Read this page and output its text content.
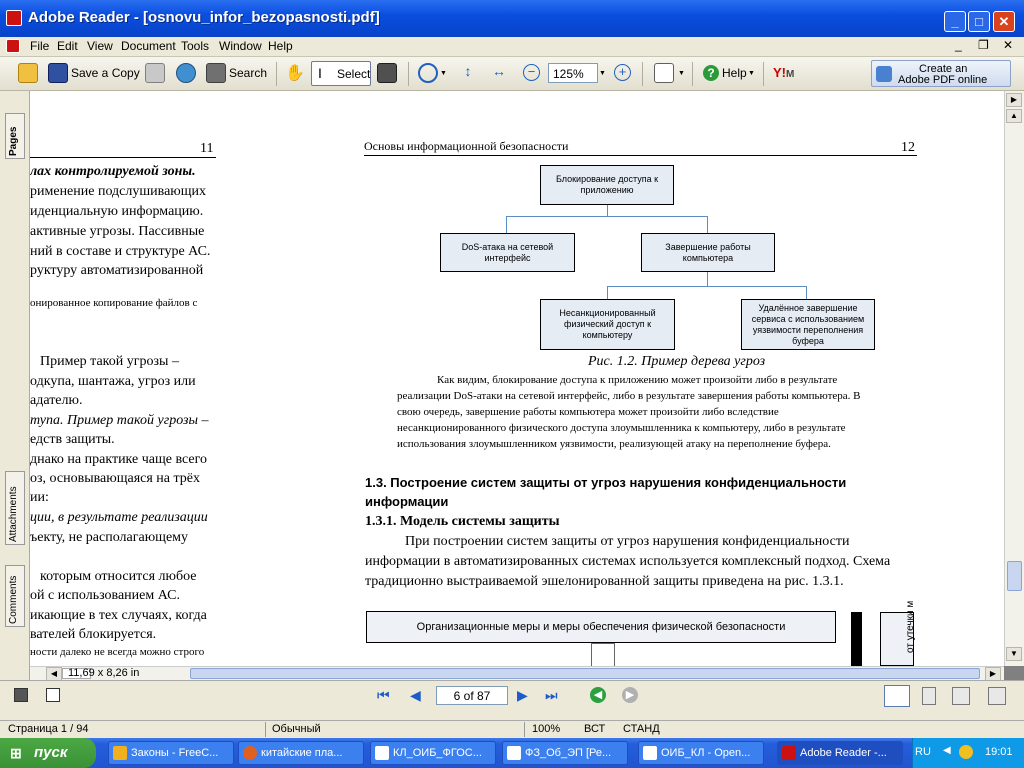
Adobe Reader - [osnovu_infor_bezopasnosti.pdf]	_	□	✕
File Edit View Document Tools Window Help	_ ❐ ✕
Save a Copy	Search ✋ I Select	▼	↕	↔	−	125%	▼ +	▼	? Help ▼ Y!M	Create an
Adobe PDF online
Pages
Attachments
Comments
11
лах контролируемой зоны.
рименение подслушивающих
иденциальную информацию.
активные угрозы. Пассивные
ний в составе и структуре АС.
руктуру автоматизированной
онированное копирование файлов с
Пример такой угрозы –
одкупа, шантажа, угроз или
адателю.
тупа. Пример такой угрозы –
едств защиты.
днако на практике чаще всего
оз, основывающаяся на трёх
ии:
ции, в результате реализации
ъекту, не располагающему
которым относится любое
ой с использованием АС.
икающие в тех случаях, когда
вателей блокируется.
ности далеко не всегда можно строго
Основы информационной безопасности	12
Блокирование доступа к приложению
DoS-атака на сетевой интерфейс
Завершение работы компьютера
Несанкционированный физический доступ к компьютеру
Удалённое завершение сервиса с использованием уязвимости переполнения буфера
Рис. 1.2. Пример дерева угроз
Как видим, блокирование доступа к приложению может произойти либо в результате
реализации DoS-атаки на сетевой интерфейс, либо в результате завершения работы компьютера. В
свою очередь, завершение работы компьютера может произойти либо вследствие
несанкционированного физического доступа злоумышленника к компьютеру, либо в результате
использования злоумышленником уязвимости, реализующей атаку на переполнение буфера.
1.3. Построение систем защиты от угроз нарушения конфиденциальности
информации
1.3.1. Модель системы защиты
При построении систем защиты от угроз нарушения конфиденциальности
информации в автоматизированных системах используется комплексный подход. Схема
традиционно выстраиваемой эшелонированной защиты приведена на рис. 1.3.1.
Организационные меры и меры обеспечения физической безопасности	от утечки м
▶
▲
▼
◀ 11,69 x 8,26 in	▶
⏮ ◀	6 of 87	▶ ⏭	◀	▶
Страница 1 / 94	Обычный	100% ВСТ СТАНД
⊞ пуск	Законы - FreeC...	китайские пла...	КЛ_ОИБ_ФГОС...	ФЗ_Об_ЭП [Ре...	ОИБ_КЛ - Open...	Adobe Reader -...	RU ◀	19:01
